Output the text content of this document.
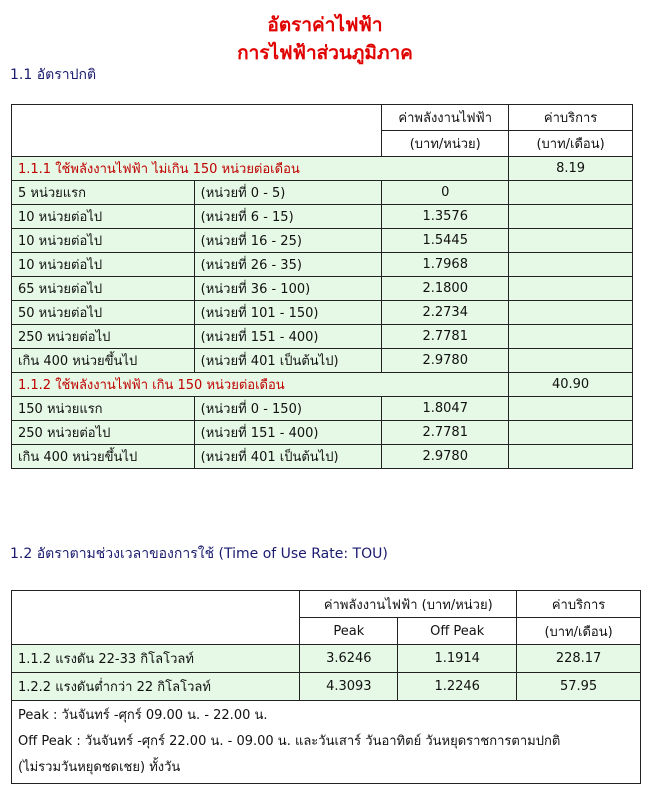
อัตราค่าไฟฟ้า
การไฟฟ้าส่วนภูมิภาค
1.1 อัตราปกติ
		ค่าพลังงานไฟฟ้า	ค่าบริการ
		(บาท/หน่วย)	(บาท/เดือน)
1.1.1 ใช้พลังงานไฟฟ้า ไม่เกิน 150 หน่วยต่อเดือน			8.19
5 หน่วยแรก	(หน่วยที่ 0 - 5)	0	
10 หน่วยต่อไป	(หน่วยที่ 6 - 15)	1.3576	
10 หน่วยต่อไป	(หน่วยที่ 16 - 25)	1.5445	
10 หน่วยต่อไป	(หน่วยที่ 26 - 35)	1.7968	
65 หน่วยต่อไป	(หน่วยที่ 36 - 100)	2.1800	
50 หน่วยต่อไป	(หน่วยที่ 101 - 150)	2.2734	
250 หน่วยต่อไป	(หน่วยที่ 151 - 400)	2.7781	
เกิน 400 หน่วยขึ้นไป	(หน่วยที่ 401 เป็นต้นไป)	2.9780	
1.1.2 ใช้พลังงานไฟฟ้า เกิน 150 หน่วยต่อเดือน			40.90
150 หน่วยแรก	(หน่วยที่ 0 - 150)	1.8047	
250 หน่วยต่อไป	(หน่วยที่ 151 - 400)	2.7781	
เกิน 400 หน่วยขึ้นไป	(หน่วยที่ 401 เป็นต้นไป)	2.9780	
1.2 อัตราตามช่วงเวลาของการใช้ (Time of Use Rate: TOU)
	ค่าพลังงานไฟฟ้า (บาท/หน่วย)		ค่าบริการ
	Peak	Off Peak	(บาท/เดือน)
1.1.2 แรงดัน 22-33 กิโลโวลท์	3.6246	1.1914	228.17
1.2.2 แรงดันต่ำกว่า 22 กิโลโวลท์	4.3093	1.2246	57.95

Peak : วันจันทร์ -ศุกร์ 09.00 น. - 22.00 น.
Off Peak : วันจันทร์ -ศุกร์ 22.00 น. - 09.00 น. และวันเสาร์ วันอาทิตย์ วันหยุดราชการตามปกติ
(ไม่รวมวันหยุดชดเชย) ทั้งวัน			
